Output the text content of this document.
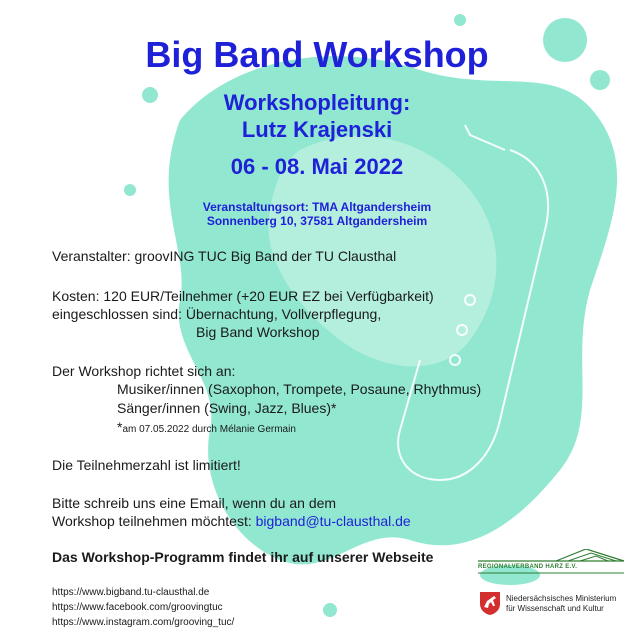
Big Band Workshop
Workshopleitung:
Lutz Krajenski
06 - 08. Mai 2022
Veranstaltungsort: TMA Altgandersheim
Sonnenberg 10, 37581 Altgandersheim
Veranstalter: groovING TUC Big Band der TU Clausthal
Kosten: 120 EUR/Teilnehmer (+20 EUR EZ bei Verfügbarkeit)
eingeschlossen sind: Übernachtung, Vollverpflegung,
Big Band Workshop
Der Workshop richtet sich an:
Musiker/innen (Saxophon, Trompete, Posaune, Rhythmus)
Sänger/innen (Swing, Jazz, Blues)*
*am 07.05.2022 durch Mélanie Germain
Die Teilnehmerzahl ist limitiert!
Bitte schreib uns eine Email, wenn du an dem
Workshop teilnehmen möchtest: bigband@tu-clausthal.de
Das Workshop-Programm findet ihr auf unserer Webseite
https://www.bigband.tu-clausthal.de
https://www.facebook.com/groovingtuc
https://www.instagram.com/grooving_tuc/
REGIONALVERBAND HARZ E.V.
Niedersächsisches Ministerium
für Wissenschaft und Kultur
